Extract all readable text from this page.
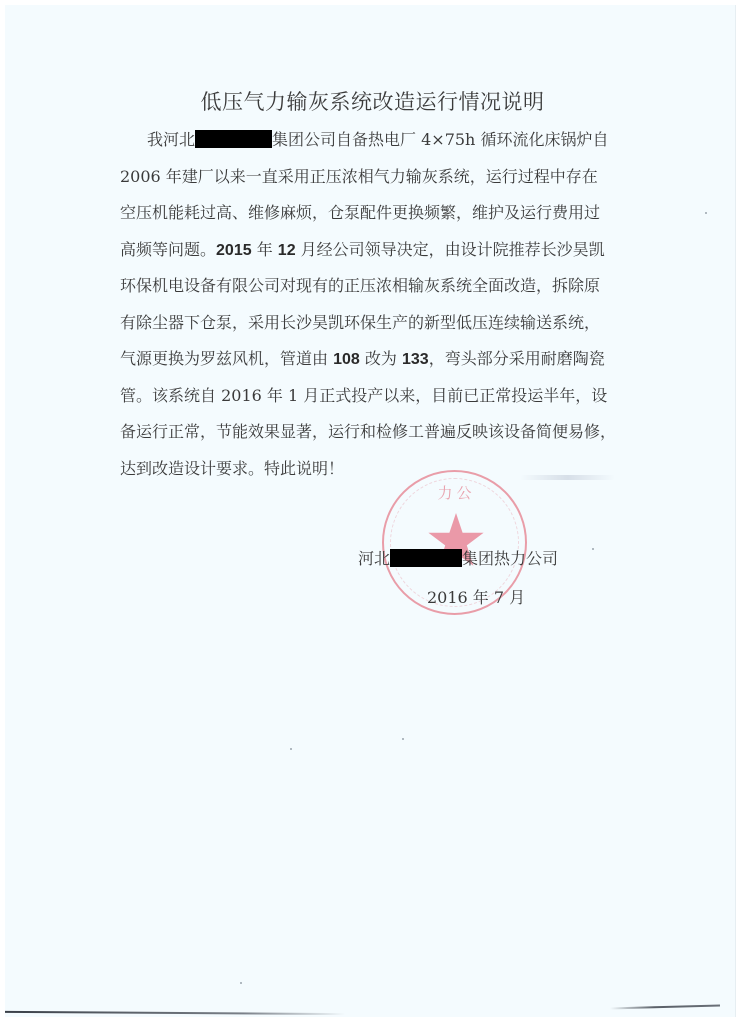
低压气力输灰系统改造运行情况说明
我河北	集团公司自备热电厂 4×75h 循环流化床锅炉自
2006 年建厂以来一直采用正压浓相气力输灰系统，运行过程中存在
空压机能耗过高、维修麻烦，仓泵配件更换频繁，维护及运行费用过
高频等问题。2015 年 12 月经公司领导决定，由设计院推荐长沙昊凯
环保机电设备有限公司对现有的正压浓相输灰系统全面改造，拆除原
有除尘器下仓泵，采用长沙昊凯环保生产的新型低压连续输送系统，
气源更换为罗兹风机，管道由 108 改为 133，弯头部分采用耐磨陶瓷
管。该系统自 2016 年 1 月正式投产以来，目前已正常投运半年，设
备运行正常，节能效果显著，运行和检修工普遍反映该设备简便易修，
达到改造设计要求。特此说明！
力公
河北	集团热力公司
2016 年 7 月
